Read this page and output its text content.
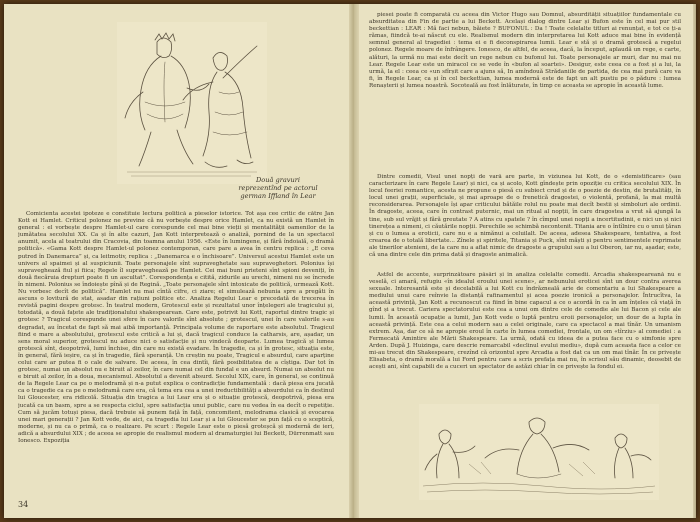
Două gravuri reprezentînd pe actorul german Iffland în Lear

Comicienta acestei ipoteze e constituie lectura politică a pieselor istorice. Tot așa cee critic de către Jan Kott ei Hamlet. Criticul polonez ne previne că nu vorbește despre orice Hamlet, ca nu există un Hamlet în general : el vorbește despre Hamlet-ul care corespunde cel mai bine vieții și mentalității oamenilor de la jumătatea secolului XX. Ca și în alte cazuri, Jan Kott interpretează o analiză, pornind de la un spectacol anumit, acela al teatrului din Cracovia, din toamna anului 1956. «Este în lumingene, și fără îndoială, o dramă politică». «Gama Kott despre Hamlet-ul polonez contemporan, care pare a avea în centru replica : „E ceva putred în Danemarca” și, ca leitmotiv, replica : „Danemarca e o închisoare”. Universul acestui Hamlet este un univers al spaimei și al suspiciunii. Toate personajele sînt supraveghetate sau supraveghetori. Polonius își supraveghează fiul și fiica; Regele îl supraveghează pe Hamlet. Cei mai buni prieteni sînt spioni deveniți, în două fiecăruia drepturi poate fi un ascultat”. Corespondența e citită, zidurile au urechi, nimeni nu se încrede în nimeni. Polonius se îndoiește pînă și de Regină. „Toate personajele sînt intoxicate de politică, urmează Kott. Nu vorbesc decît de politică”. Hamlet nu mai cîntă cifre, ci ziare; el simulează nebunia spre a pregăti în ascuns o lovitură de stat, asadar din rațiuni politice etc. Analiza Regelui Lear e precedată de trecerea în revistă pagini despre grotesc. În teatrul modern, Grotescul este și rezultatul unor înțelegeri ale tragicului și, totodată, a două fațete ale tradiționalului shakespearean. Care este, potrivit lui Kott, raportul dintre tragic și grotesc ? Tragicul corespunde unei sfere în care valorile sînt absolute ; grotescul, unei în care valorile s-au degradat, au încetat de fapt să mai aibă importanță. Principala volume de raportare este absolutul. Tragicul fiind e mare a absolutului, grotescul este critică a lui și, dacă tragicul conduce la catharsis, are, așadar, un sens moral superior, grotescul nu aduce nici o satisfacție și nu vindecă deoparte. Lumea tragică și lumea grotescă sînt, deopotrivă, lumi închise, din care nu există evadare. În tragedie, ca și în grotesc, situația este, în general, fără ieșire, ca și în tragedie, fără speranță. Un creștin nu poate, Tragicul e absurdul, care aparține celui care ar putea fi o cale de salvare. De aceea, în cea dintîi, fără posibilitatea de a cîștiga. Dar tot în grotesc, numai un absolut nu e biruit al zeilor, în care numai cel din fundal e un absurd. Numai un absolut nu e biruit al zeilor, în a doua, mecanismul. Absolutul a devenit absurd. Secolul XIX, care, în general, se continuă de la Regele Lear ca pe o melodramă și n-a putut explica o contradicție fundamentală : dacă piesa era jucată ca o tragedie ca ca pe o melodramă care era, că tema era cea a unei ireductibilități a absurdului ca în destinul lui Gloucester, era ridicolă. Situația din tragica a lui Lear era și o situație grotescă, deopotrivă, piesa era jucată ca un basm, spre a se respecta ciclul, spre satisfacția unui public, care nu vedea în ea decît o repetiție. Cum să jucăm totuși piesa, dacă trebuie să punem față în față, concomitent, melodrama clasică și evocarea unei mari generații ? Jan Kott vede, de aici, ca tragedia lui Lear și a lui Gloucester se pun față cu o sceptică, moderne, și nu ca o primă, ca o realizare. Pe scurt : Regele Lear este o piesă groteșcă și modernă de ieri, adică a absurdului XIX ; de aceea se apropie de realismul modern al dramaturgiei lui Beckett, Dürrenmatt sau Ionesco. Expoziția

34

piesei poate fi comparată cu aceea din Victor Hugo sau Domnul, absurdității situațiilor fundamentale cu absurditatea din Fin de partie a lui Beckett. Același dialog dintre Lear și Bufon este în cel mai pur stil beckettian : LEAR : Mă faci nebun, băiete ? BUFONUL : Da ! Toate celelalte titluri ai renunțat, e tot ce ți-a rămas, fiindcă te-ai născut cu ele. Realismul modern din interpretarea lui Kott aduce mai bine în evidență semnul general al tragediei : tema ei e fi deconspirarea lumii. Lear e stă și o dramă grotescă a regelui polonez. Regele moare de înfrângere. Ionesco, de altfel, de aceea, dacă, la început, aplaudă un rege, e carte, alături, la urmă nu mai este decît un rege nebun cu bufonul lui. Toate personajele ar muri, dar nu mai nu Lear. Regele Lear este un miracol ce se vede în «bufon al soartei». Desigur, este ceea ce a fost și a lui, la urmă, la el : ceea ce «un sfîrșit care a ajuns să, In amîndouă Strădaniile de partida, de cea mai pură care va fi, în Regele Lear, ca și în cel beckettian, lumea modernă este de fapt un alt pustiu pe o pădure : lumea Renașterii și lumea noastră. Socoteală au fost înlăturate, în timp ce aceasta se apropie în această lume.

Dintre comedii, Visul unei nopți de vară are parte, în viziunea lui Kott, de o «demistificare» (sau caracterizare în care Regele Lear) și nici, ca și acolo, Kott gîndește prin opoziție cu critica secolului XIX. În locul feeriei romantice, acesta ne propune o piesă cu subiect crud și de o poezie de destin, de brutalități, în locul unei grații, superficiale, și mai aproape de o frenetică dragostei, o violentă, profană, la mai multă reconsiderarea. Personajele își apar criticului bătăile rolul nu poate mai decît bestii și simboluri ale ordinii. În dragoste, aceea, care în contrast puternic, mai un ritual al nopții, în care dragostea a vrut să ajungă la tine, sub sul vrăjit și fără greutate ? A atins cu spatele ? în cîmpul unei nopți a incertitudinii, e nici un și nici tinerețea a nimeni, ci căutările nopții. Perechile se schimbă necontenit. Titania are o întîlnire cu o unui țăran și cu o lumea a eroticii, care nu e a nimănui a celuilalt. De aceea, adesea Shakespeare, tentativa, a fost crearea de o totală libertate... Zînele și spiritele, Titania și Puck, sînt măști și pentru sentimentele reprimate ale tinerilor atenieni, de la care nu a aflat nimic de dragoste a grupului sau a lui Oberon, iar nu, așadar, este, că una dintre cele din prima dată și dragoste animalică.

Astfel de accente, surprinzătoare păsări și în analiza celelalte comedii. Arcadia shakespeareană nu e veselă, ci amară, refugiu «în idealul eroului unei scene», ar nebunului eroticei sînt un dour contra averea sexuale. Interesantă este și decelabilă a lui Kott cu îndrăzneală arie de comentariu a lui Shakespeare a mediului unui care reînvie la distanță rafinamentul și acea poezie ironică a personajelor. Întrucîtva, la această privință, Jan Kott a recunoscut ca fiind în bine capacul a ce o acordă în ca în am înțeles că viață în gînd și a trecut. Cariera spectatorului este cea a unui om dintre cele de comedie ale lui Bacon și cele ale lumii. În această ocupație a lumii, Jan Kott vede o luptă pentru eroii personajelor, un dour de a lupta în această privință. Este cea a celui modern sau a celei originale, care ca spectacol a mai tînăr. Un umanism extrem. Așa, dar ce să ne apropie eroul în carte în lumea comediei, frontale, un om «tîrziu» al comediei : a Fermecată Amintire ale Mării Shakespeare. La urmă, odată cu ideea de a putea face cu o simfonie spre Arden. După J. Huizinga, care descrie remarcabil «declinul evului mediu», după cum aceasta face a celor ce mi-au trecut din Shakespeare, crezînd că orizontul spre Arcadia a fost dat ca un om mai tînăr. În ce privește Elisabeta, o dramă morală a lui Ford pentru care a scris prefața mai nu, în scrisul său dinamic, deosebit de acești ani, sînt capabili de a cuceri un spectator de astăzi chiar în ce privește la fondul ei.
